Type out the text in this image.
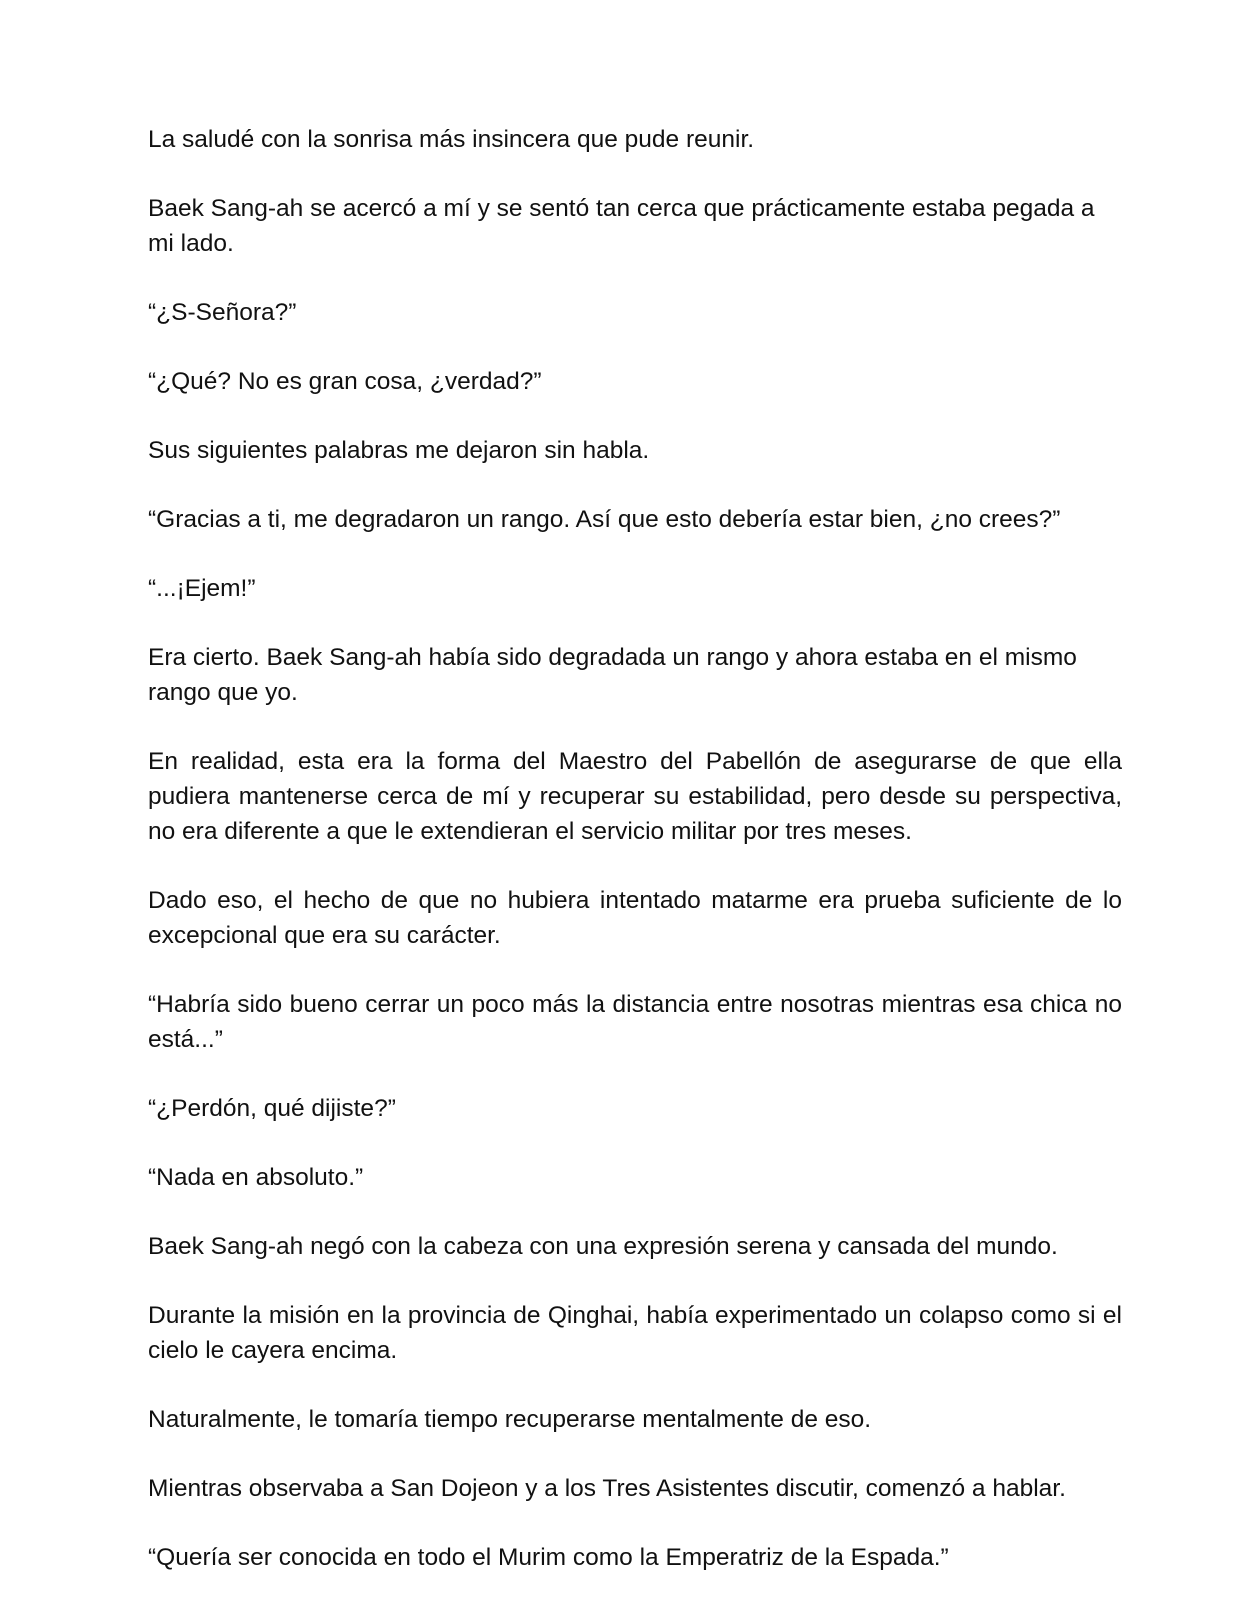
La saludé con la sonrisa más insincera que pude reunir.

Baek Sang-ah se acercó a mí y se sentó tan cerca que prácticamente estaba pegada a mi lado.

“¿S-Señora?”

“¿Qué? No es gran cosa, ¿verdad?”

Sus siguientes palabras me dejaron sin habla.

“Gracias a ti, me degradaron un rango. Así que esto debería estar bien, ¿no crees?”

“...¡Ejem!”

Era cierto. Baek Sang-ah había sido degradada un rango y ahora estaba en el mismo rango que yo.

En realidad, esta era la forma del Maestro del Pabellón de asegurarse de que ella pudiera mantenerse cerca de mí y recuperar su estabilidad, pero desde su perspectiva, no era diferente a que le extendieran el servicio militar por tres meses.

Dado eso, el hecho de que no hubiera intentado matarme era prueba suficiente de lo excepcional que era su carácter.

“Habría sido bueno cerrar un poco más la distancia entre nosotras mientras esa chica no está...”

“¿Perdón, qué dijiste?”

“Nada en absoluto.”

Baek Sang-ah negó con la cabeza con una expresión serena y cansada del mundo.

Durante la misión en la provincia de Qinghai, había experimentado un colapso como si el cielo le cayera encima.

Naturalmente, le tomaría tiempo recuperarse mentalmente de eso.

Mientras observaba a San Dojeon y a los Tres Asistentes discutir, comenzó a hablar.

“Quería ser conocida en todo el Murim como la Emperatriz de la Espada.”
